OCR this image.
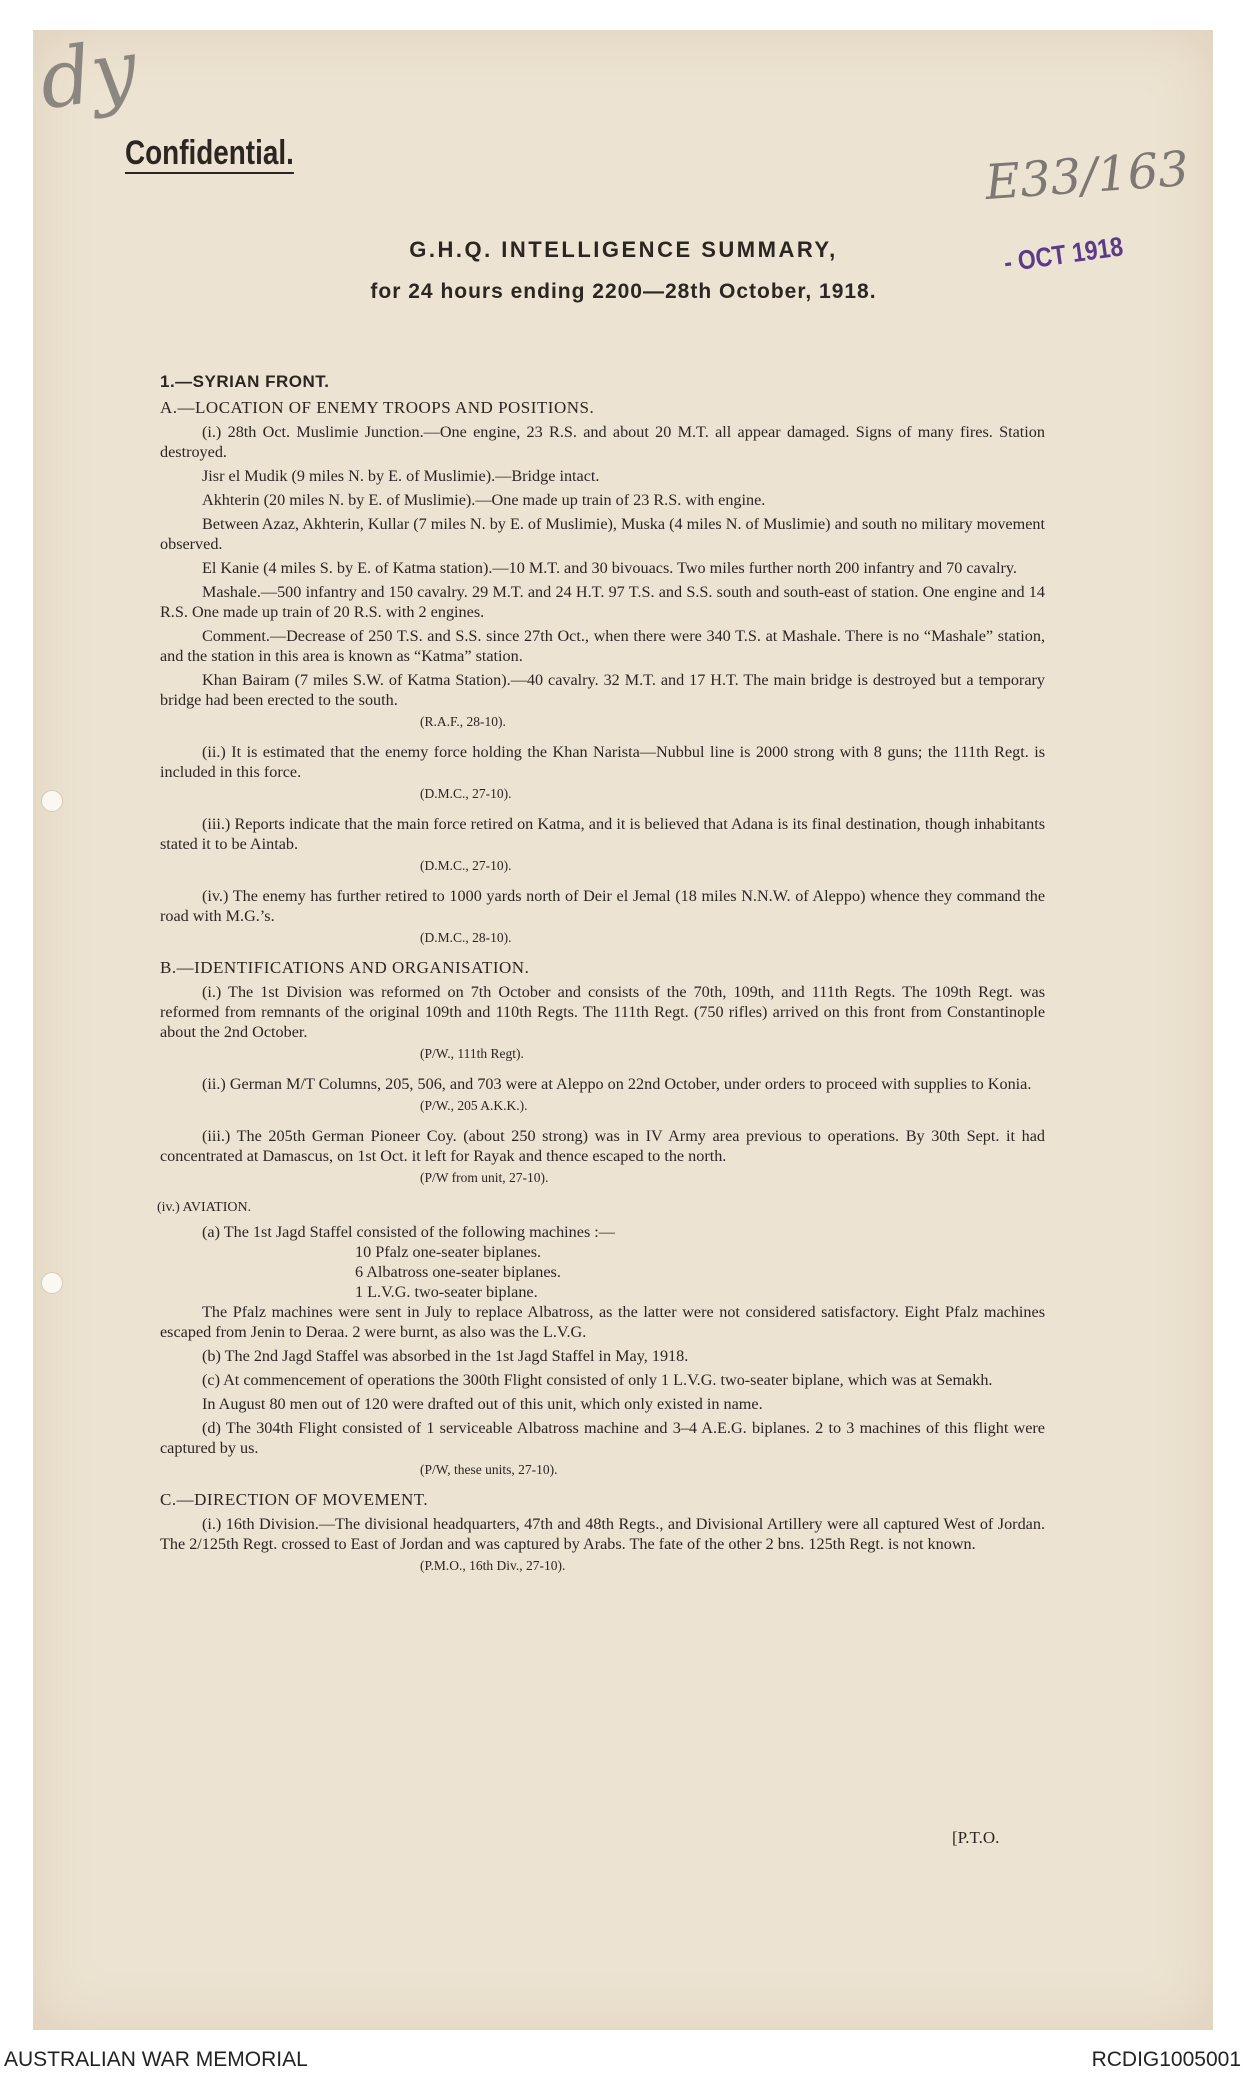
dy
Confidential.	E33/163
- OCT 1918
G.H.Q. INTELLIGENCE SUMMARY,
for 24 hours ending 2200—28th October, 1918.

1.—SYRIAN FRONT.

A.—LOCATION OF ENEMY TROOPS AND POSITIONS.

(i.) 28th Oct. Muslimie Junction.—One engine, 23 R.S. and about 20 M.T. all appear damaged. Signs of many fires. Station destroyed.

Jisr el Mudik (9 miles N. by E. of Muslimie).—Bridge intact.

Akhterin (20 miles N. by E. of Muslimie).—One made up train of 23 R.S. with engine.

Between Azaz, Akhterin, Kullar (7 miles N. by E. of Muslimie), Muska (4 miles N. of Muslimie) and south no military movement observed.

El Kanie (4 miles S. by E. of Katma station).—10 M.T. and 30 bivouacs. Two miles further north 200 infantry and 70 cavalry.

Mashale.—500 infantry and 150 cavalry. 29 M.T. and 24 H.T. 97 T.S. and S.S. south and south-east of station. One engine and 14 R.S. One made up train of 20 R.S. with 2 engines.

Comment.—Decrease of 250 T.S. and S.S. since 27th Oct., when there were 340 T.S. at Mashale. There is no “Mashale” station, and the station in this area is known as “Katma” station.

Khan Bairam (7 miles S.W. of Katma Station).—40 cavalry. 32 M.T. and 17 H.T. The main bridge is destroyed but a temporary bridge had been erected to the south.

(R.A.F., 28-10).

(ii.) It is estimated that the enemy force holding the Khan Narista—Nubbul line is 2000 strong with 8 guns; the 111th Regt. is included in this force.

(D.M.C., 27-10).

(iii.) Reports indicate that the main force retired on Katma, and it is believed that Adana is its final destination, though inhabitants stated it to be Aintab.

(D.M.C., 27-10).

(iv.) The enemy has further retired to 1000 yards north of Deir el Jemal (18 miles N.N.W. of Aleppo) whence they command the road with M.G.’s.

(D.M.C., 28-10).

B.—IDENTIFICATIONS AND ORGANISATION.

(i.) The 1st Division was reformed on 7th October and consists of the 70th, 109th, and 111th Regts. The 109th Regt. was reformed from remnants of the original 109th and 110th Regts. The 111th Regt. (750 rifles) arrived on this front from Constantinople about the 2nd October.

(P/W., 111th Regt).

(ii.) German M/T Columns, 205, 506, and 703 were at Aleppo on 22nd October, under orders to proceed with supplies to Konia.

(P/W., 205 A.K.K.).

(iii.) The 205th German Pioneer Coy. (about 250 strong) was in IV Army area previous to operations. By 30th Sept. it had concentrated at Damascus, on 1st Oct. it left for Rayak and thence escaped to the north.

(P/W from unit, 27-10).

(iv.) AVIATION.

(a) The 1st Jagd Staffel consisted of the following machines :—

10 Pfalz one-seater biplanes.

6 Albatross one-seater biplanes.

1 L.V.G. two-seater biplane.

The Pfalz machines were sent in July to replace Albatross, as the latter were not considered satisfactory. Eight Pfalz machines escaped from Jenin to Deraa. 2 were burnt, as also was the L.V.G.

(b) The 2nd Jagd Staffel was absorbed in the 1st Jagd Staffel in May, 1918.

(c) At commencement of operations the 300th Flight consisted of only 1 L.V.G. two-seater biplane, which was at Semakh.

In August 80 men out of 120 were drafted out of this unit, which only existed in name.

(d) The 304th Flight consisted of 1 serviceable Albatross machine and 3–4 A.E.G. biplanes. 2 to 3 machines of this flight were captured by us.

(P/W, these units, 27-10).

C.—DIRECTION OF MOVEMENT.

(i.) 16th Division.—The divisional headquarters, 47th and 48th Regts., and Divisional Artillery were all captured West of Jordan. The 2/125th Regt. crossed to East of Jordan and was captured by Arabs. The fate of the other 2 bns. 125th Regt. is not known.

(P.M.O., 16th Div., 27-10).

[P.T.O.
AUSTRALIAN WAR MEMORIAL	RCDIG1005001
